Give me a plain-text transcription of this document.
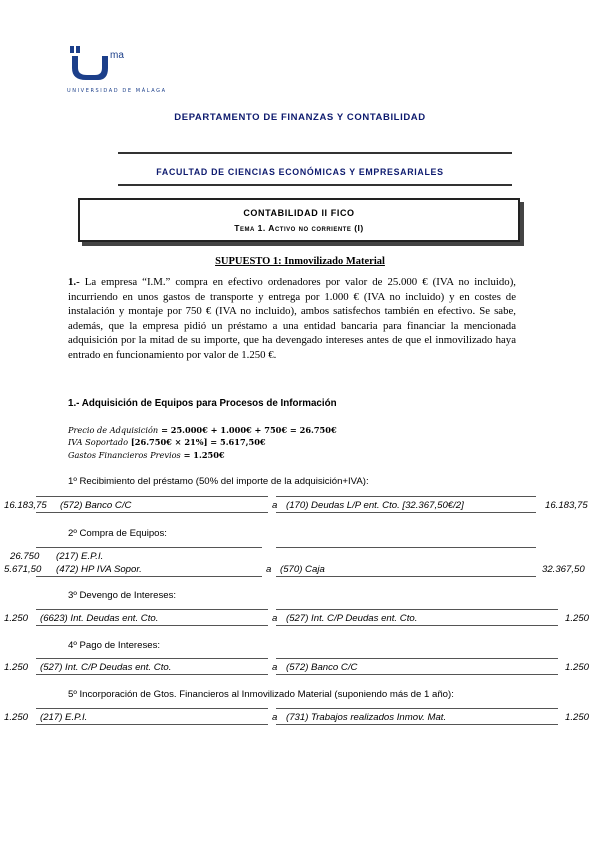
ma
UNIVERSIDAD DE MÁLAGA
DEPARTAMENTO DE FINANZAS Y CONTABILIDAD
FACULTAD DE CIENCIAS ECONÓMICAS Y EMPRESARIALES
CONTABILIDAD II FICO
Tema 1. Activo no corriente (I)
SUPUESTO 1: Inmovilizado Material
1.- La empresa “I.M.” compra en efectivo ordenadores por valor de 25.000 € (IVA no incluido), incurriendo en unos gastos de transporte y entrega por 1.000 € (IVA no incluido) y en costes de instalación y montaje por 750 € (IVA no incluido), ambos satisfechos también en efectivo. Se sabe, además, que la empresa pidió un préstamo a una entidad bancaria para financiar la mencionada adquisición por la mitad de su importe, que ha devengado intereses antes de que el inmovilizado haya entrado en funcionamiento por valor de 1.250 €.
1.- Adquisición de Equipos para Procesos de Información
Precio de Adquisición = 25.000€ + 1.000€ + 750€ = 26.750€
IVA Soportado [26.750€ × 21%] = 5.617,50€
Gastos Financieros Previos = 1.250€
1º Recibimiento del préstamo (50% del importe de la adquisición+IVA):
16.183,75 (572) Banco C/C	a (170) Deudas L/P ent. Cto. [32.367,50€/2]	16.183,75
2º Compra de Equipos:
26.750 (217) E.P.I.
5.671,50 (472) HP IVA Sopor.	a (570) Caja	32.367,50
3º Devengo de Intereses:
1.250 (6623) Int. Deudas ent. Cto.	a (527) Int. C/P Deudas ent. Cto.	1.250
4º Pago de Intereses:
1.250 (527) Int. C/P Deudas ent. Cto.	a (572) Banco C/C	1.250
5º Incorporación de Gtos. Financieros al Inmovilizado Material (suponiendo más de 1 año):
1.250 (217) E.P.I.	a (731) Trabajos realizados Inmov. Mat.	1.250
